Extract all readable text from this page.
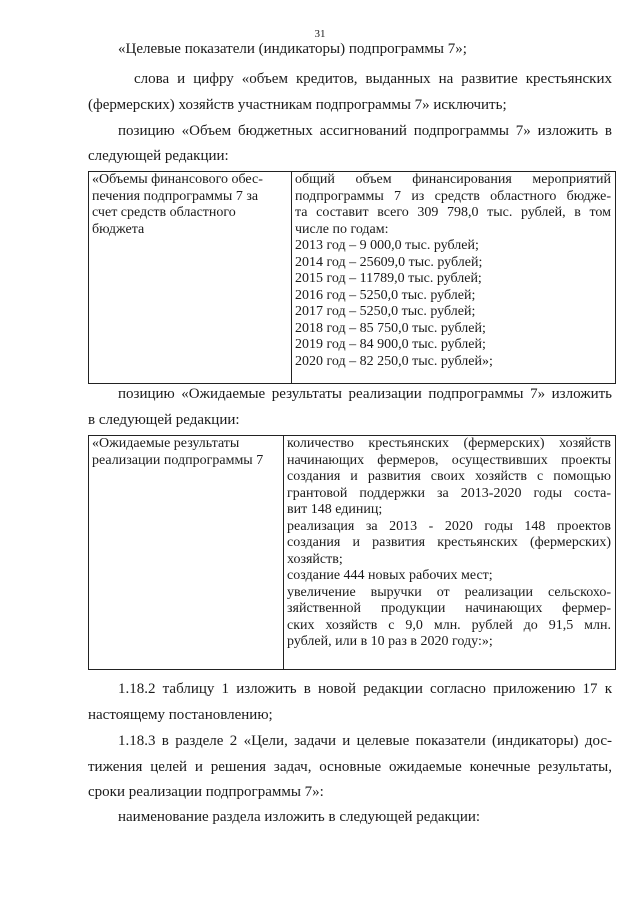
31
«Целевые показатели (индикаторы) подпрограммы 7»;
слова и цифру «объем кредитов, выданных на развитие крестьянских
(фермерских) хозяйств участникам подпрограммы 7» исключить;
позицию «Объем бюджетных ассигнований подпрограммы 7» изложить в
следующей редакции:
«Объемы финансового обес-
печения подпрограммы 7 за
счет средств областного
бюджета

общий объем финансирования мероприятий
подпрограммы 7 из средств областного бюдже-
та составит всего 309 798,0 тыс. рублей, в том
числе по годам:
2013 год – 9 000,0 тыс. рублей;
2014 год – 25609,0 тыс. рублей;
2015 год – 11789,0 тыс. рублей;
2016 год – 5250,0 тыс. рублей;
2017 год – 5250,0 тыс. рублей;
2018 год – 85 750,0 тыс. рублей;
2019 год – 84 900,0 тыс. рублей;
2020 год – 82 250,0 тыс. рублей»;
позицию «Ожидаемые результаты реализации подпрограммы 7» изложить
в следующей редакции:
«Ожидаемые результаты
реализации подпрограммы 7

количество крестьянских (фермерских) хозяйств
начинающих фермеров, осуществивших проекты
создания и развития своих хозяйств с помощью
грантовой поддержки за 2013-2020 годы соста-
вит 148 единиц;
реализация за 2013 - 2020 годы 148 проектов
создания и развития крестьянских (фермерских)
хозяйств;
создание 444 новых рабочих мест;
увеличение выручки от реализации сельскохо-
зяйственной продукции начинающих фермер-
ских хозяйств с 9,0 млн. рублей до 91,5 млн.
рублей, или в 10 раз в 2020 году:»;
1.18.2 таблицу 1 изложить в новой редакции согласно приложению 17 к
настоящему постановлению;
1.18.3 в разделе 2 «Цели, задачи и целевые показатели (индикаторы) дос-
тижения целей и решения задач, основные ожидаемые конечные результаты,
сроки реализации подпрограммы 7»:
наименование раздела изложить в следующей редакции:
